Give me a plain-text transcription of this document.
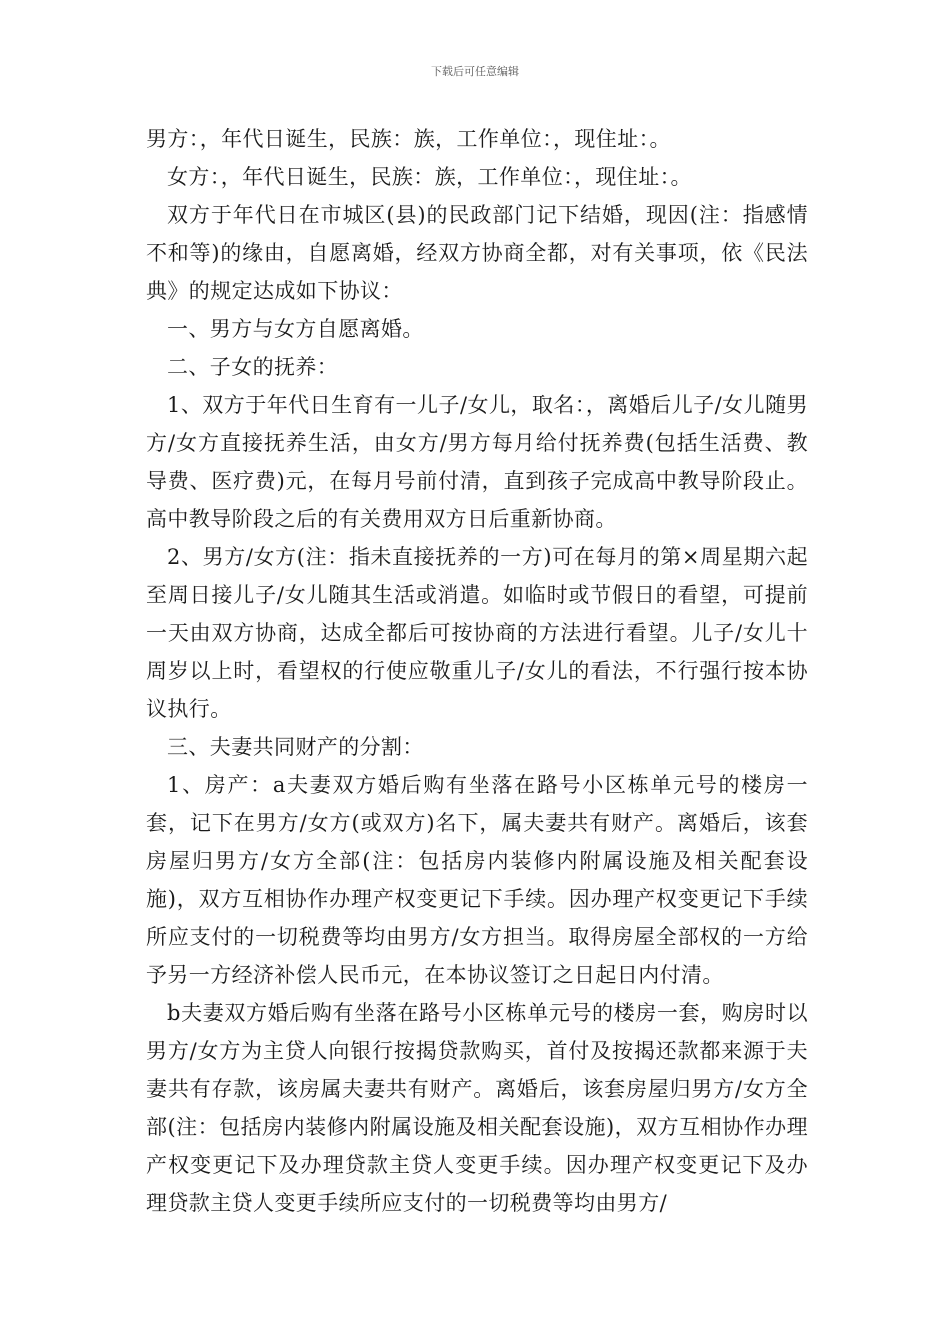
下载后可任意编辑

男方：，年代日诞生，民族：族，工作单位：，现住址：。

女方：，年代日诞生，民族：族，工作单位：，现住址：。

双方于年代日在市城区(县)的民政部门记下结婚，现因(注：指感情不和等)的缘由，自愿离婚，经双方协商全都，对有关事项，依《民法典》的规定达成如下协议：

一、男方与女方自愿离婚。

二、子女的抚养：

1、双方于年代日生育有一儿子/女儿，取名：，离婚后儿子/女儿随男方/女方直接抚养生活，由女方/男方每月给付抚养费(包括生活费、教导费、医疗费)元，在每月号前付清，直到孩子完成高中教导阶段止。高中教导阶段之后的有关费用双方日后重新协商。

2、男方/女方(注：指未直接抚养的一方)可在每月的第×周星期六起至周日接儿子/女儿随其生活或消遣。如临时或节假日的看望，可提前一天由双方协商，达成全都后可按协商的方法进行看望。儿子/女儿十周岁以上时，看望权的行使应敬重儿子/女儿的看法，不行强行按本协议执行。

三、夫妻共同财产的分割：

1、房产：a夫妻双方婚后购有坐落在路号小区栋单元号的楼房一套，记下在男方/女方(或双方)名下，属夫妻共有财产。离婚后，该套房屋归男方/女方全部(注：包括房内装修内附属设施及相关配套设施)，双方互相协作办理产权变更记下手续。因办理产权变更记下手续所应支付的一切税费等均由男方/女方担当。取得房屋全部权的一方给予另一方经济补偿人民币元，在本协议签订之日起日内付清。

b夫妻双方婚后购有坐落在路号小区栋单元号的楼房一套，购房时以男方/女方为主贷人向银行按揭贷款购买，首付及按揭还款都来源于夫妻共有存款，该房属夫妻共有财产。离婚后，该套房屋归男方/女方全部(注：包括房内装修内附属设施及相关配套设施)，双方互相协作办理产权变更记下及办理贷款主贷人变更手续。因办理产权变更记下及办理贷款主贷人变更手续所应支付的一切税费等均由男方/
